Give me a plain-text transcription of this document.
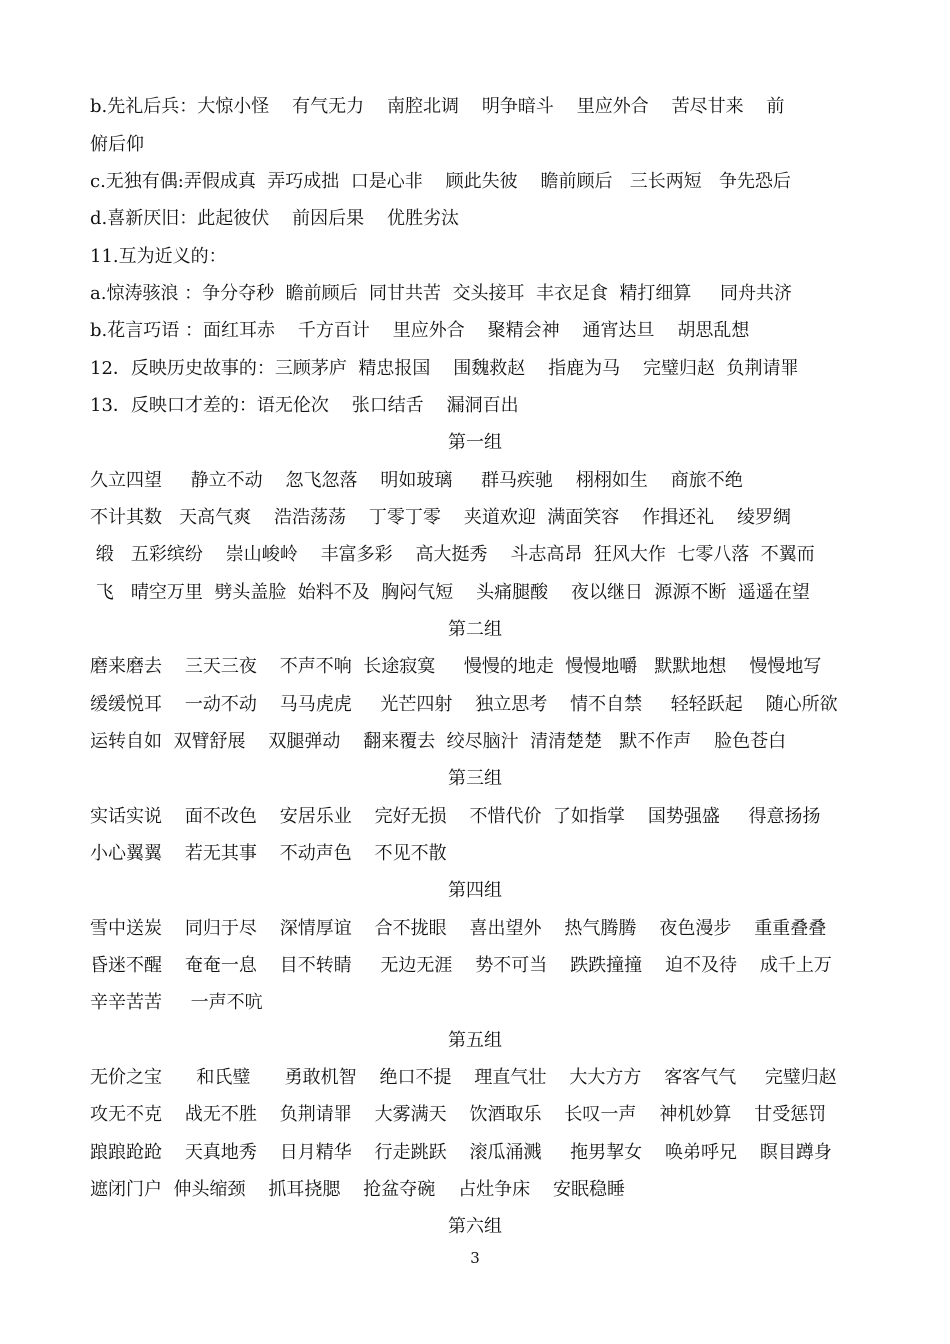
b.先礼后兵：大惊小怪    有气无力    南腔北调    明争暗斗    里应外合    苦尽甘来    前
俯后仰
c.无独有偶:弄假成真  弄巧成拙  口是心非    顾此失彼    瞻前顾后   三长两短   争先恐后
d.喜新厌旧：此起彼伏    前因后果    优胜劣汰
11.互为近义的：
a.惊涛骇浪 ：争分夺秒  瞻前顾后  同甘共苦  交头接耳  丰衣足食  精打细算     同舟共济
b.花言巧语 ：面红耳赤    千方百计    里应外合    聚精会神    通宵达旦    胡思乱想
12．反映历史故事的：三顾茅庐  精忠报国    围魏救赵    指鹿为马    完璧归赵  负荆请罪
13．反映口才差的：语无伦次    张口结舌    漏洞百出
第一组
久立四望     静立不动    忽飞忽落    明如玻璃     群马疾驰    栩栩如生    商旅不绝
不计其数   天高气爽    浩浩荡荡    丁零丁零    夹道欢迎  满面笑容    作揖还礼    绫罗绸
缎   五彩缤纷    崇山峻岭    丰富多彩    高大挺秀    斗志高昂  狂风大作  七零八落  不翼而
飞   晴空万里  劈头盖脸  始料不及  胸闷气短    头痛腿酸    夜以继日  源源不断  遥遥在望
第二组
磨来磨去    三天三夜    不声不响  长途寂寞     慢慢的地走  慢慢地嚼   默默地想    慢慢地写
缓缓悦耳    一动不动    马马虎虎     光芒四射    独立思考    情不自禁     轻轻跃起    随心所欲
运转自如  双臂舒展    双腿弹动    翻来覆去  绞尽脑汁  清清楚楚   默不作声    脸色苍白
第三组
实话实说    面不改色    安居乐业    完好无损    不惜代价  了如指掌    国势强盛     得意扬扬
小心翼翼    若无其事    不动声色    不见不散
第四组
雪中送炭    同归于尽    深情厚谊    合不拢眼    喜出望外    热气腾腾    夜色漫步    重重叠叠
昏迷不醒    奄奄一息    目不转睛     无边无涯    势不可当    跌跌撞撞    迫不及待    成千上万
辛辛苦苦     一声不吭
第五组
无价之宝      和氏璧      勇敢机智    绝口不提    理直气壮    大大方方    客客气气     完璧归赵
攻无不克    战无不胜    负荆请罪    大雾满天    饮酒取乐    长叹一声    神机妙算    甘受惩罚
踉踉跄跄    天真地秀    日月精华    行走跳跃    滚瓜涌溅     拖男挈女    唤弟呼兄    瞑目蹲身
遮闭门户  伸头缩颈    抓耳挠腮    抢盆夺碗    占灶争床    安眠稳睡
第六组
3
